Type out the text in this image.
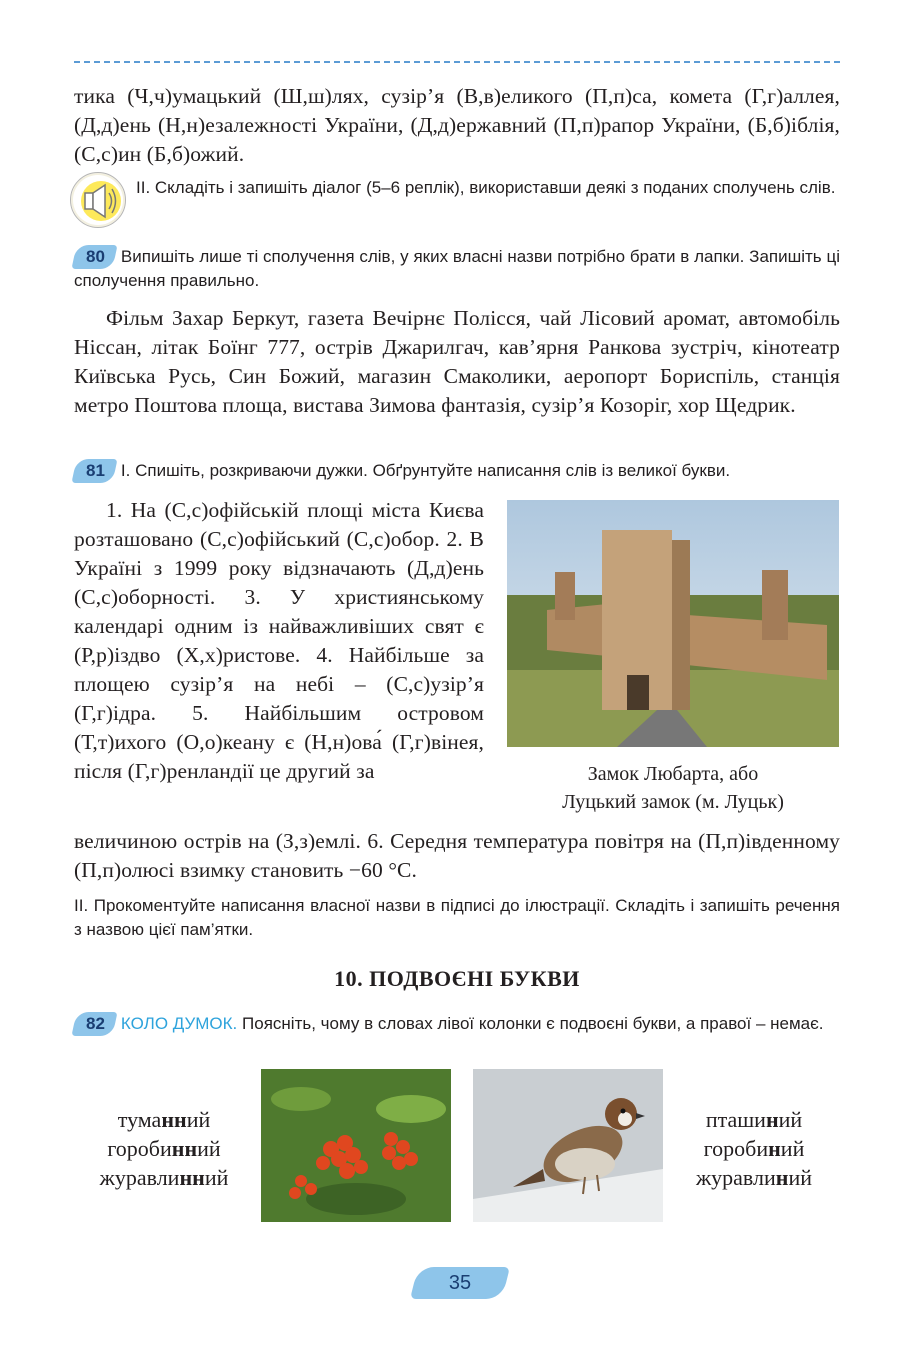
тика (Ч,ч)умацький (Ш,ш)лях, сузір’я (В,в)еликого (П,п)са, комета (Г,г)аллея, (Д,д)ень (Н,н)езалежності України, (Д,д)ержавний (П,п)рапор України, (Б,б)іблія, (С,с)ин (Б,б)ожий.

ІІ. Складіть і запишіть діалог (5–6 реплік), використавши деякі з поданих сполучень слів.

80 Випишіть лише ті сполучення слів, у яких власні назви потрібно брати в лапки. Запишіть ці сполучення правильно.

Фільм Захар Беркут, газета Вечірнє Полісся, чай Лісовий аромат, автомобіль Ніссан, літак Боїнг 777, острів Джарилгач, кав’ярня Ранкова зустріч, кінотеатр Київська Русь, Син Божий, магазин Смаколики, аеропорт Бориспіль, станція метро Поштова площа, вистава Зимова фантазія, сузір’я Козоріг, хор Щедрик.

81 І. Спишіть, розкриваючи дужки. Обґрунтуйте написання слів із великої букви.

1. На (С,с)офійській площі міста Києва розташовано (С,с)офійський (С,с)обор. 2. В Україні з 1999 року відзначають (Д,д)ень (С,с)оборності. 3. У християнському календарі одним із найважливіших свят є (Р,р)іздво (Х,х)ристове. 4. Найбільше за площею сузір’я на небі – (С,с)узір’я (Г,г)ідра. 5. Найбільшим островом (Т,т)ихого (О,о)кеану є (Н,н)ова́ (Г,г)вінея, після (Г,г)ренландії це другий за	Замок Любарта, або
Луцький замок (м. Луцьк)

величиною острів на (З,з)емлі. 6. Середня температура повітря на (П,п)івденному (П,п)олюсі взимку становить −60 °С.

ІІ. Прокоментуйте написання власної назви в підписі до ілюстрації. Складіть і запишіть речення з назвою цієї пам’ятки.

10. ПОДВОЄНІ БУКВИ

82 КОЛО ДУМОК. Поясніть, чому в словах лівої колонки є подвоєні букви, а правої – немає.

туманний
горобинний
журавлинний
пташиний
горобиний
журавлиний
35
